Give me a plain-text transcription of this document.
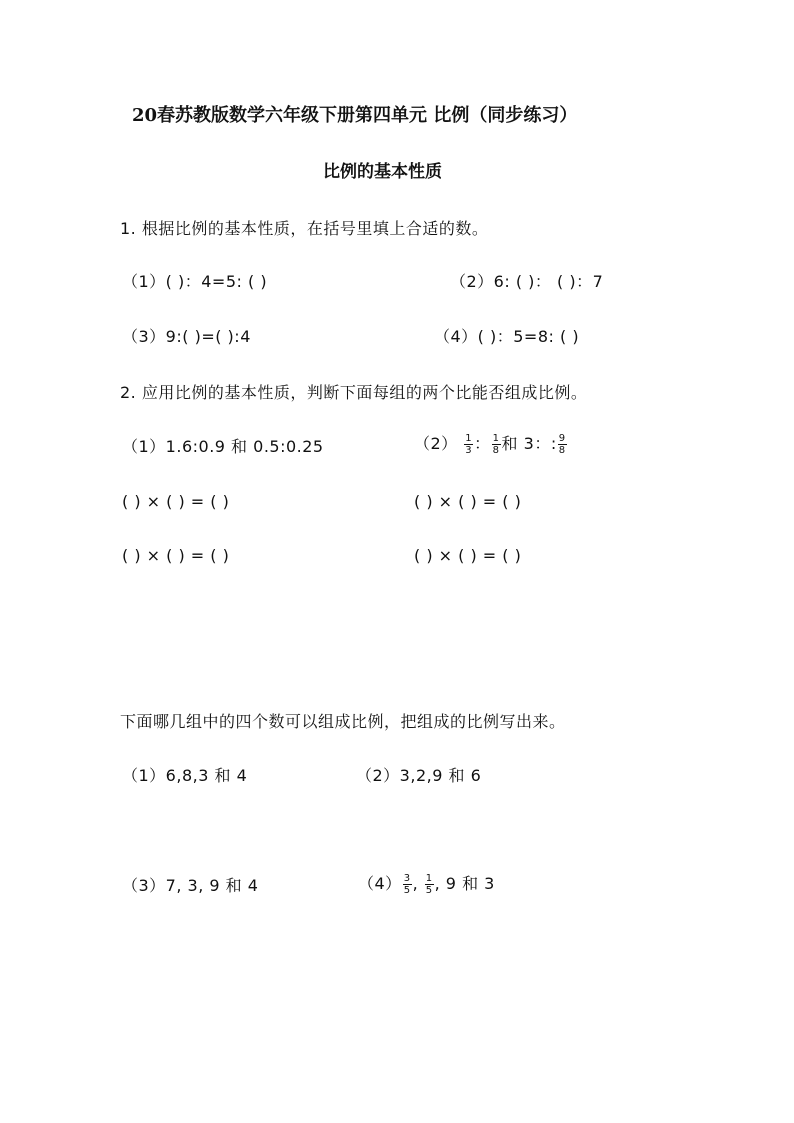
20春苏教版数学六年级下册第四单元 比例（同步练习）
比例的基本性质
1. 根据比例的基本性质，在括号里填上合适的数。
（1）( )：4=5: ( )	（2）6: ( )： ( )：7
（3）9:( )=( ):4	（4）( )：5=8: ( )
2. 应用比例的基本性质，判断下面每组的两个比能否组成比例。
（1）1.6:0.9 和 0.5:0.25	$(2) \frac{1}{3}$ ： $\frac{1}{8}$ 和 3：: $\frac{9}{8}$
( ) × ( ) = ( )	( ) × ( ) = ( )
( ) × ( ) = ( )	( ) × ( ) = ( )
下面哪几组中的四个数可以组成比例，把组成的比例写出来。
（1）6,8,3 和 4	（2）3,2,9 和 6
（3）7, 3, 9 和 4	$(4) \frac{3}{5}$ , $\frac{1}{5}$ , 9 和 3
